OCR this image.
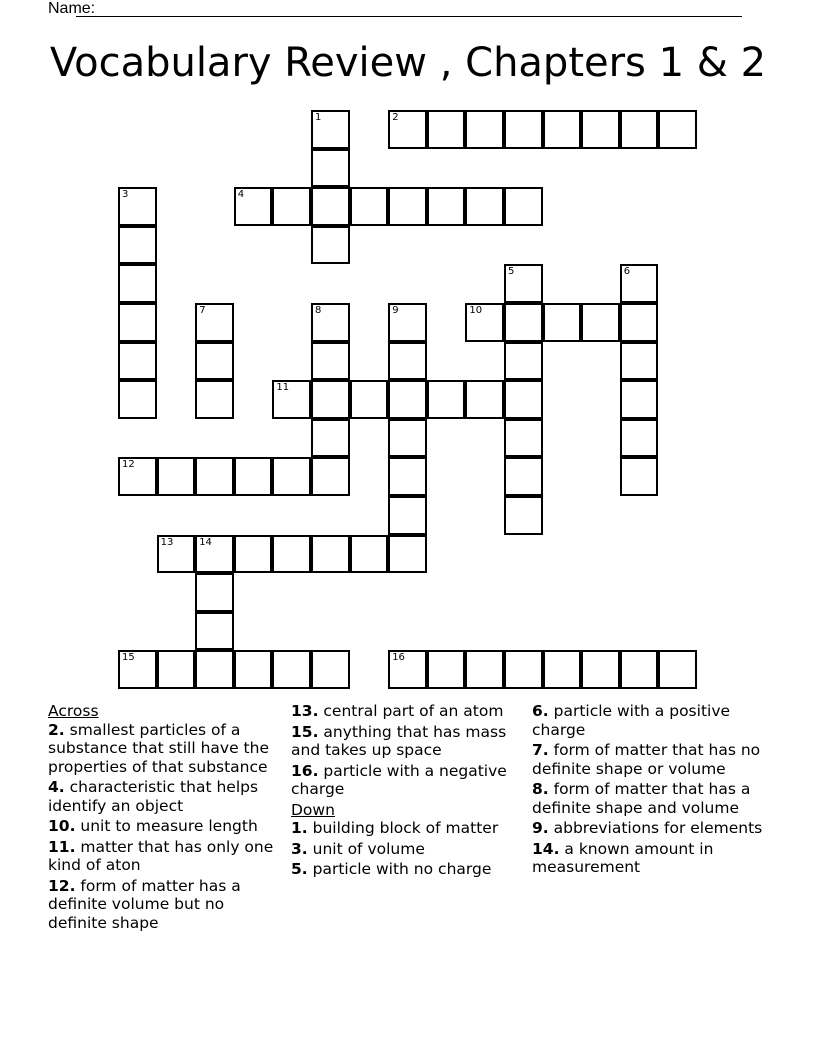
Name:
Vocabulary Review , Chapters 1 & 2
1	2
3	4
5	6
7	8	9	10
11
12
13	14
15	16
Across
2. smallest particles of a substance that still have the properties of that substance
4. characteristic that helps identify an object
10. unit to measure length
11. matter that has only one kind of aton
12. form of matter has a definite volume but no definite shape
13. central part of an atom
15. anything that has mass and takes up space
16. particle with a negative charge
Down
1. building block of matter
3. unit of volume
5. particle with no charge
6. particle with a positive charge
7. form of matter that has no definite shape or volume
8. form of matter that has a definite shape and volume
9. abbreviations for elements
14. a known amount in measurement
